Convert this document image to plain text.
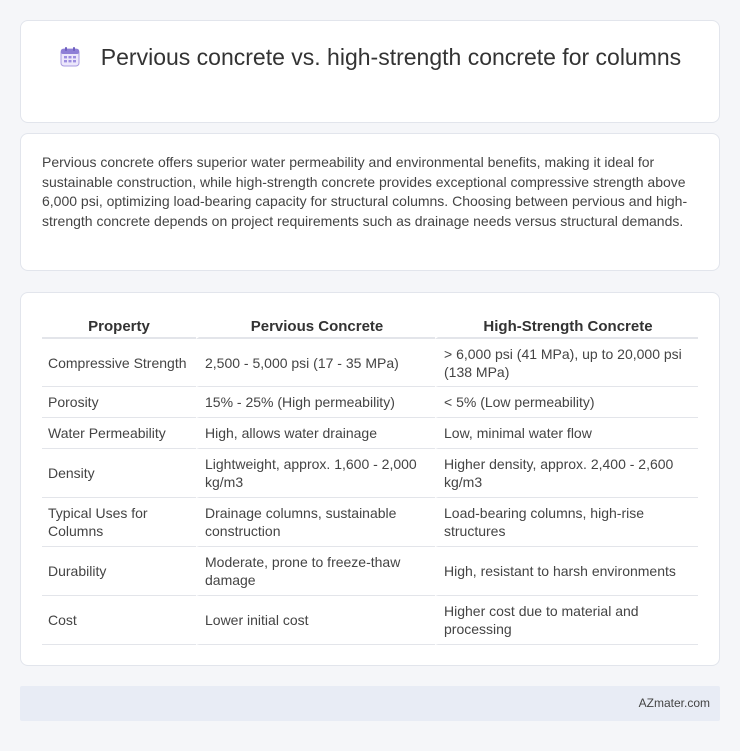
Pervious concrete vs. high-strength concrete for columns

Pervious concrete offers superior water permeability and environmental benefits, making it ideal for sustainable construction, while high-strength concrete provides exceptional compressive strength above 6,000 psi, optimizing load-bearing capacity for structural columns. Choosing between pervious and high-strength concrete depends on project requirements such as drainage needs versus structural demands.

Property	Pervious Concrete	High-Strength Concrete
Compressive Strength	2,500 - 5,000 psi (17 - 35 MPa)	> 6,000 psi (41 MPa), up to 20,000 psi (138 MPa)
Porosity	15% - 25% (High permeability)	< 5% (Low permeability)
Water Permeability	High, allows water drainage	Low, minimal water flow
Density	Lightweight, approx. 1,600 - 2,000 kg/m3	Higher density, approx. 2,400 - 2,600 kg/m3
Typical Uses for Columns	Drainage columns, sustainable construction	Load-bearing columns, high-rise structures
Durability	Moderate, prone to freeze-thaw damage	High, resistant to harsh environments
Cost	Lower initial cost	Higher cost due to material and processing
AZmater.com
